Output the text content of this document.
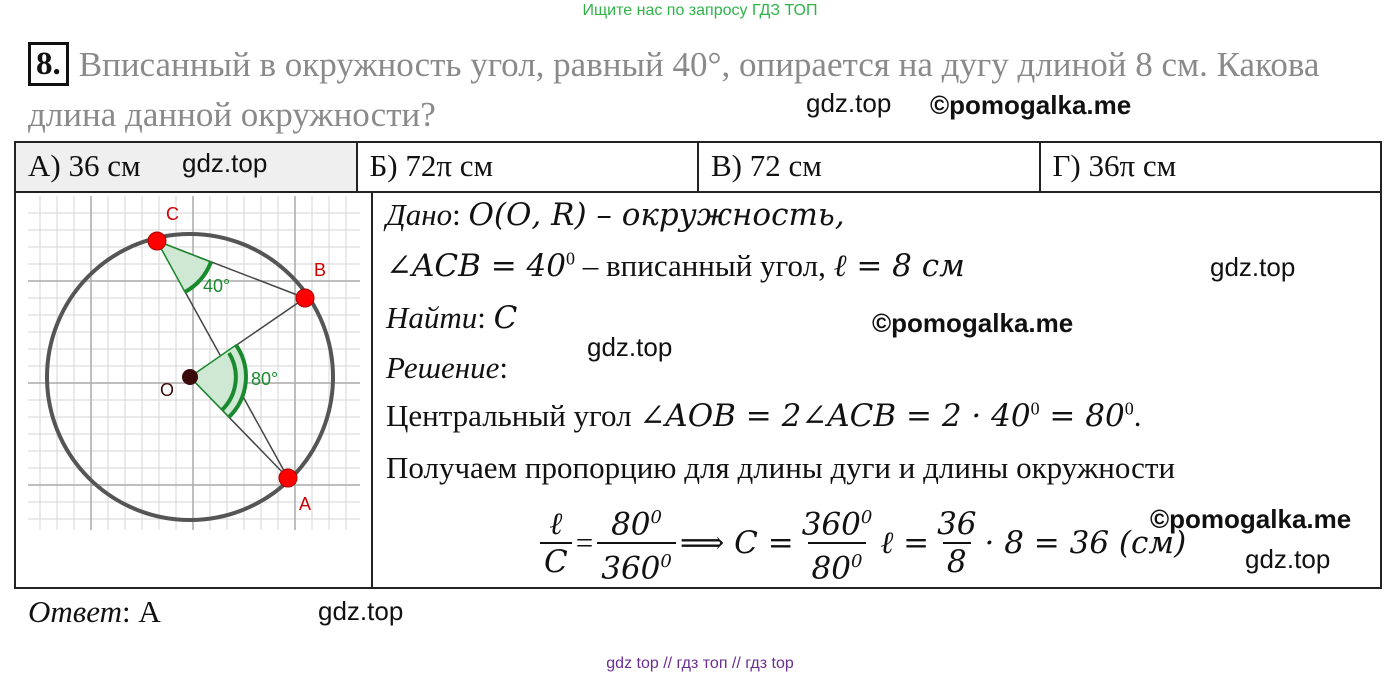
Ищите нас по запросу ГДЗ ТОП
8. Вписанный в окружность угол, равный 40°, опирается на дугу длиной 8 см. Какова длина данной окружности?	gdz.top ©pomogalka.me
А) 36 см	Б) 72π см	В) 72 см	Г) 36π см
gdz.top
C
B
A
O
40°
80°
Дано: 𝑂(𝑂, 𝑅) – окружность,
∠𝐴𝐶𝐵 = $40^0$ – вписанный угол, ℓ = 8 см	gdz.top
Найти: 𝐶	©pomogalka.me
gdz.top
Решение:
Центральный угол ∠𝐴𝑂𝐵 = 2∠𝐴𝐶𝐵 = $2 \cdot 40^0 = 80^0$.
Получаем пропорцию для длины дуги и длины окружности
$\frac{\text{ℓ}}{\text{𝐶}} = \frac{80^0}{360^0}$ ⟹ 𝐶 = $\frac{360^0}{80^0}$ ℓ = $\frac{36}{8} \cdot 8 = 36$ (см)
©pomogalka.me
gdz.top
Ответ: А	gdz.top
gdz top // гдз топ // гдз top
